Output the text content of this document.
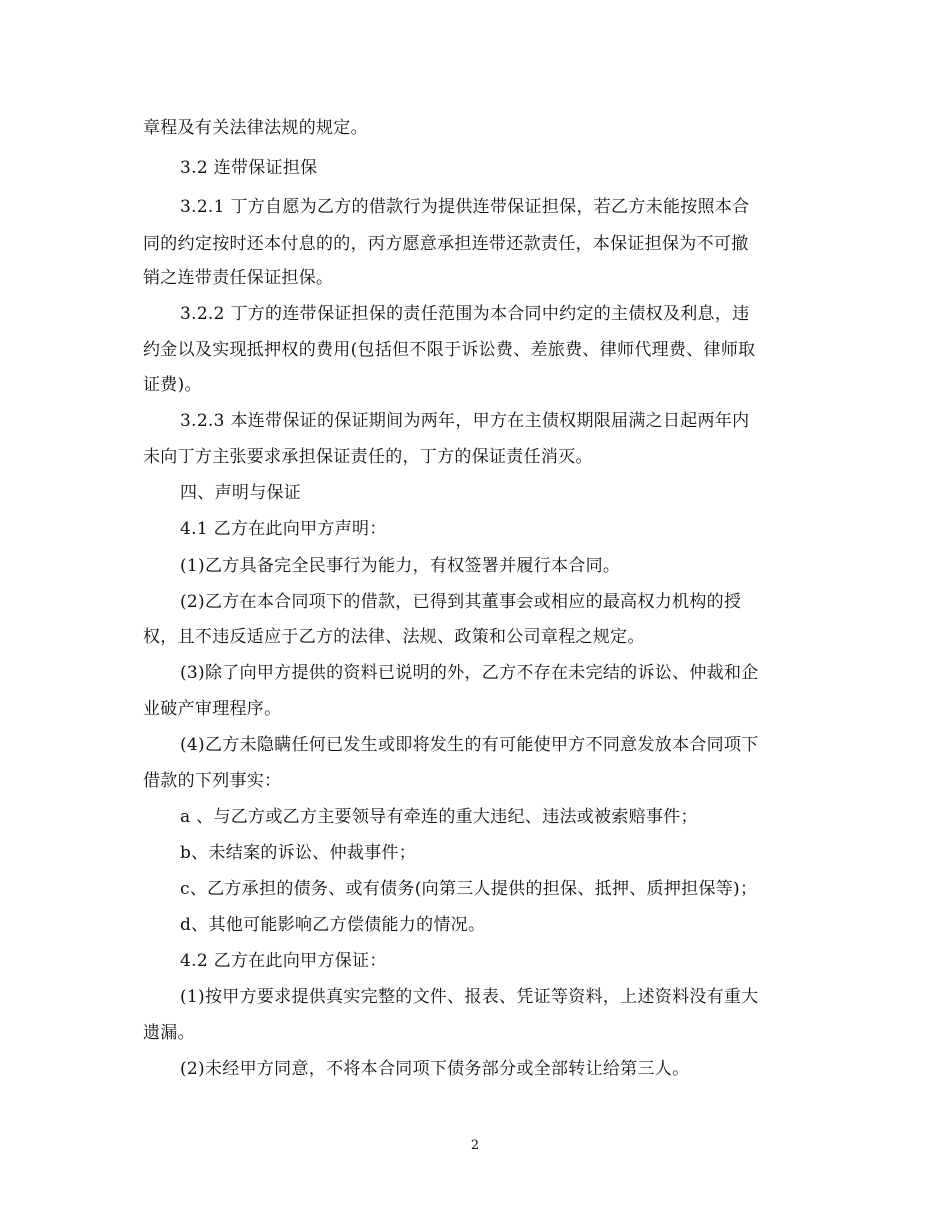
章程及有关法律法规的规定。
3.2 连带保证担保
3.2.1 丁方自愿为乙方的借款行为提供连带保证担保，若乙方未能按照本合
同的约定按时还本付息的的，丙方愿意承担连带还款责任，本保证担保为不可撤
销之连带责任保证担保。
3.2.2 丁方的连带保证担保的责任范围为本合同中约定的主债权及利息，违
约金以及实现抵押权的费用(包括但不限于诉讼费、差旅费、律师代理费、律师取
证费)。
3.2.3 本连带保证的保证期间为两年，甲方在主债权期限届满之日起两年内
未向丁方主张要求承担保证责任的，丁方的保证责任消灭。
四、声明与保证
4.1 乙方在此向甲方声明：
(1)乙方具备完全民事行为能力，有权签署并履行本合同。
(2)乙方在本合同项下的借款，已得到其董事会或相应的最高权力机构的授
权，且不违反适应于乙方的法律、法规、政策和公司章程之规定。
(3)除了向甲方提供的资料已说明的外，乙方不存在未完结的诉讼、仲裁和企
业破产审理程序。
(4)乙方未隐瞒任何已发生或即将发生的有可能使甲方不同意发放本合同项下
借款的下列事实：
a 、与乙方或乙方主要领导有牵连的重大违纪、违法或被索赔事件；
b、未结案的诉讼、仲裁事件；
c、乙方承担的债务、或有债务(向第三人提供的担保、抵押、质押担保等)；
d、其他可能影响乙方偿债能力的情况。
4.2 乙方在此向甲方保证：
(1)按甲方要求提供真实完整的文件、报表、凭证等资料，上述资料没有重大
遗漏。
(2)未经甲方同意，不将本合同项下债务部分或全部转让给第三人。
2
